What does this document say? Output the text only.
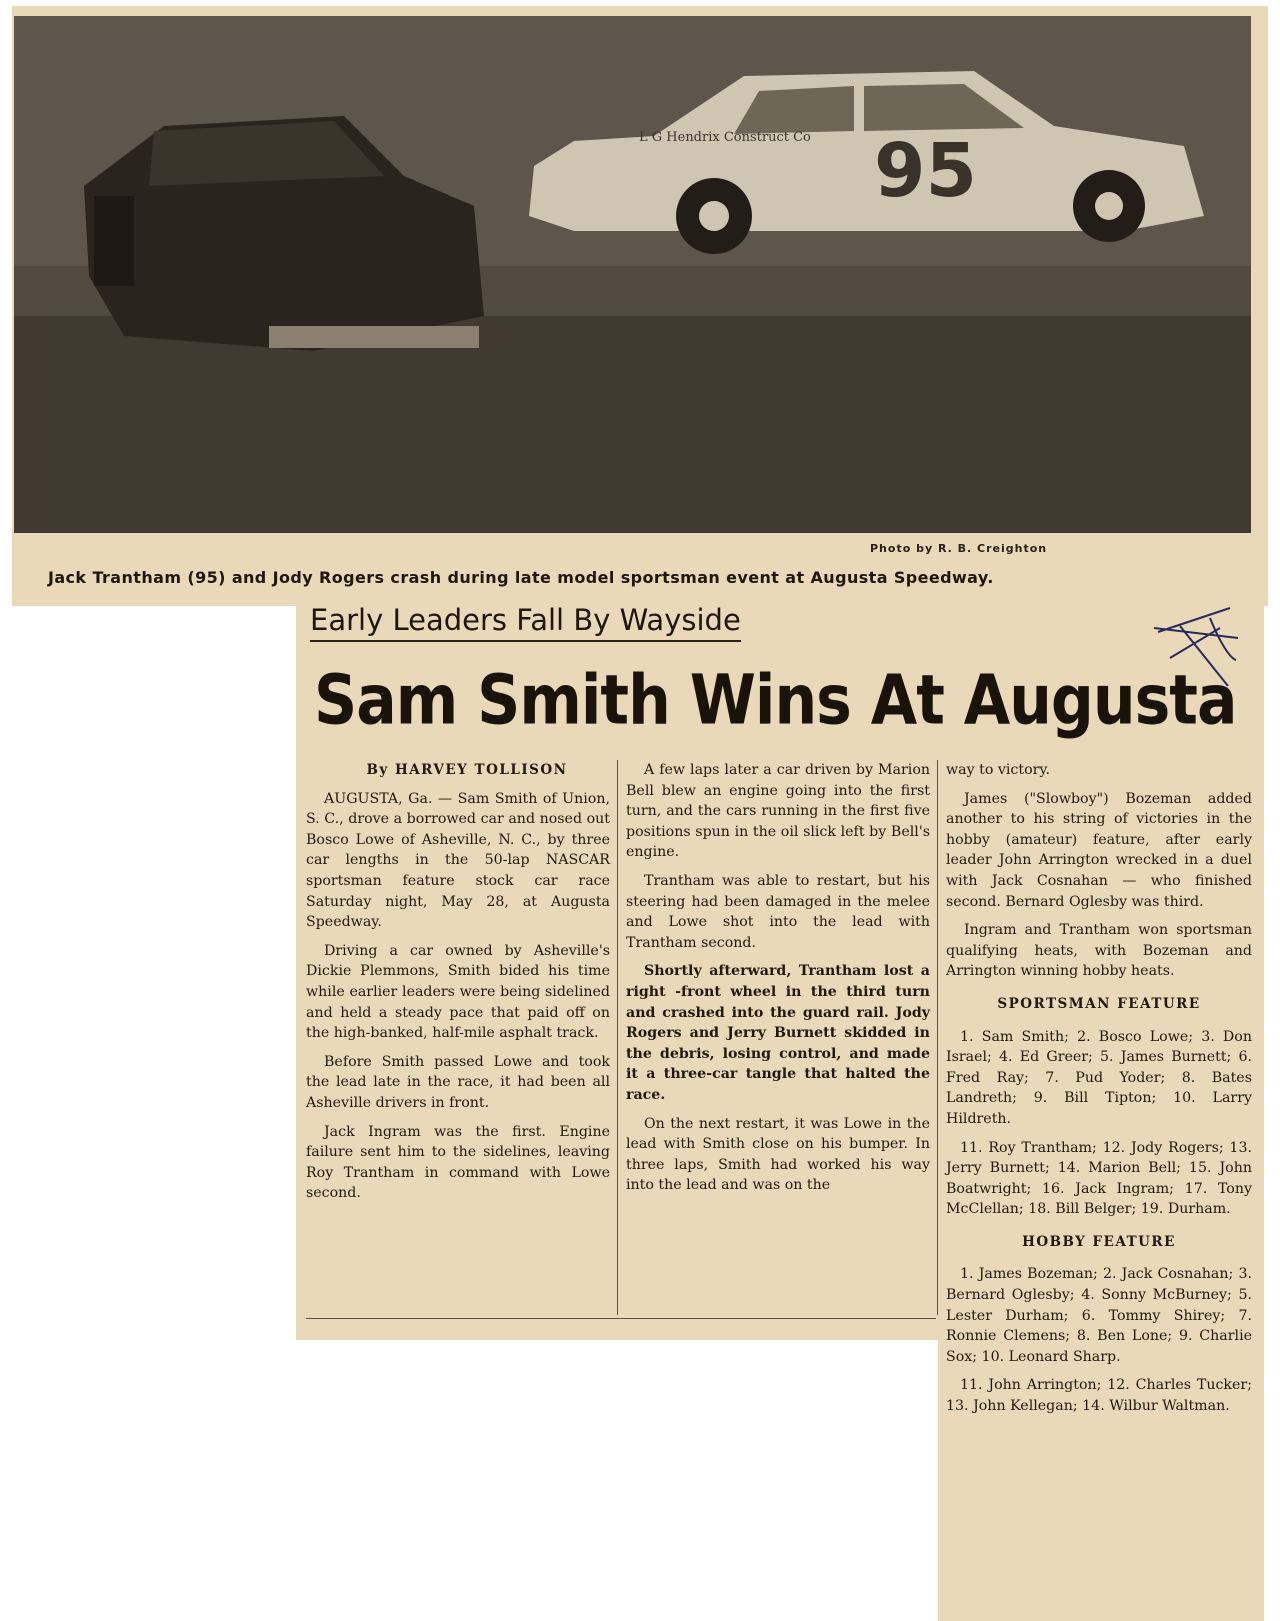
95
L G Hendrix Construct Co
Photo by R. B. Creighton
Jack Trantham (95) and Jody Rogers crash during late model sportsman event at Augusta Speedway.
Early Leaders Fall By Wayside
Sam Smith Wins At Augusta

By HARVEY TOLLISON

AUGUSTA, Ga. — Sam Smith of Union, S. C., drove a borrowed car and nosed out Bosco Lowe of Asheville, N. C., by three car lengths in the 50-lap NASCAR sportsman feature stock car race Saturday night, May 28, at Augusta Speedway.

Driving a car owned by Asheville's Dickie Plemmons, Smith bided his time while earlier leaders were being sidelined and held a steady pace that paid off on the high-banked, half-mile asphalt track.

Before Smith passed Lowe and took the lead late in the race, it had been all Asheville drivers in front.

Jack Ingram was the first. Engine failure sent him to the sidelines, leaving Roy Trantham in command with Lowe second.

A few laps later a car driven by Marion Bell blew an engine going into the first turn, and the cars running in the first five positions spun in the oil slick left by Bell's engine.

Trantham was able to restart, but his steering had been damaged in the melee and Lowe shot into the lead with Trantham second.

Shortly afterward, Trantham lost a right -front wheel in the third turn and crashed into the guard rail. Jody Rogers and Jerry Burnett skidded in the debris, losing control, and made it a three-car tangle that halted the race.

On the next restart, it was Lowe in the lead with Smith close on his bumper. In three laps, Smith had worked his way into the lead and was on the

way to victory.

James ("Slowboy") Bozeman added another to his string of victories in the hobby (amateur) feature, after early leader John Arrington wrecked in a duel with Jack Cosnahan — who finished second. Bernard Oglesby was third.

Ingram and Trantham won sportsman qualifying heats, with Bozeman and Arrington winning hobby heats.

SPORTSMAN FEATURE

1. Sam Smith; 2. Bosco Lowe; 3. Don Israel; 4. Ed Greer; 5. James Burnett; 6. Fred Ray; 7. Pud Yoder; 8. Bates Landreth; 9. Bill Tipton; 10. Larry Hildreth.

11. Roy Trantham; 12. Jody Rogers; 13. Jerry Burnett; 14. Marion Bell; 15. John Boatwright; 16. Jack Ingram; 17. Tony McClellan; 18. Bill Belger; 19. Durham.

HOBBY FEATURE

1. James Bozeman; 2. Jack Cosnahan; 3. Bernard Oglesby; 4. Sonny McBurney; 5. Lester Durham; 6. Tommy Shirey; 7. Ronnie Clemens; 8. Ben Lone; 9. Charlie Sox; 10. Leonard Sharp.

11. John Arrington; 12. Charles Tucker; 13. John Kellegan; 14. Wilbur Waltman.
